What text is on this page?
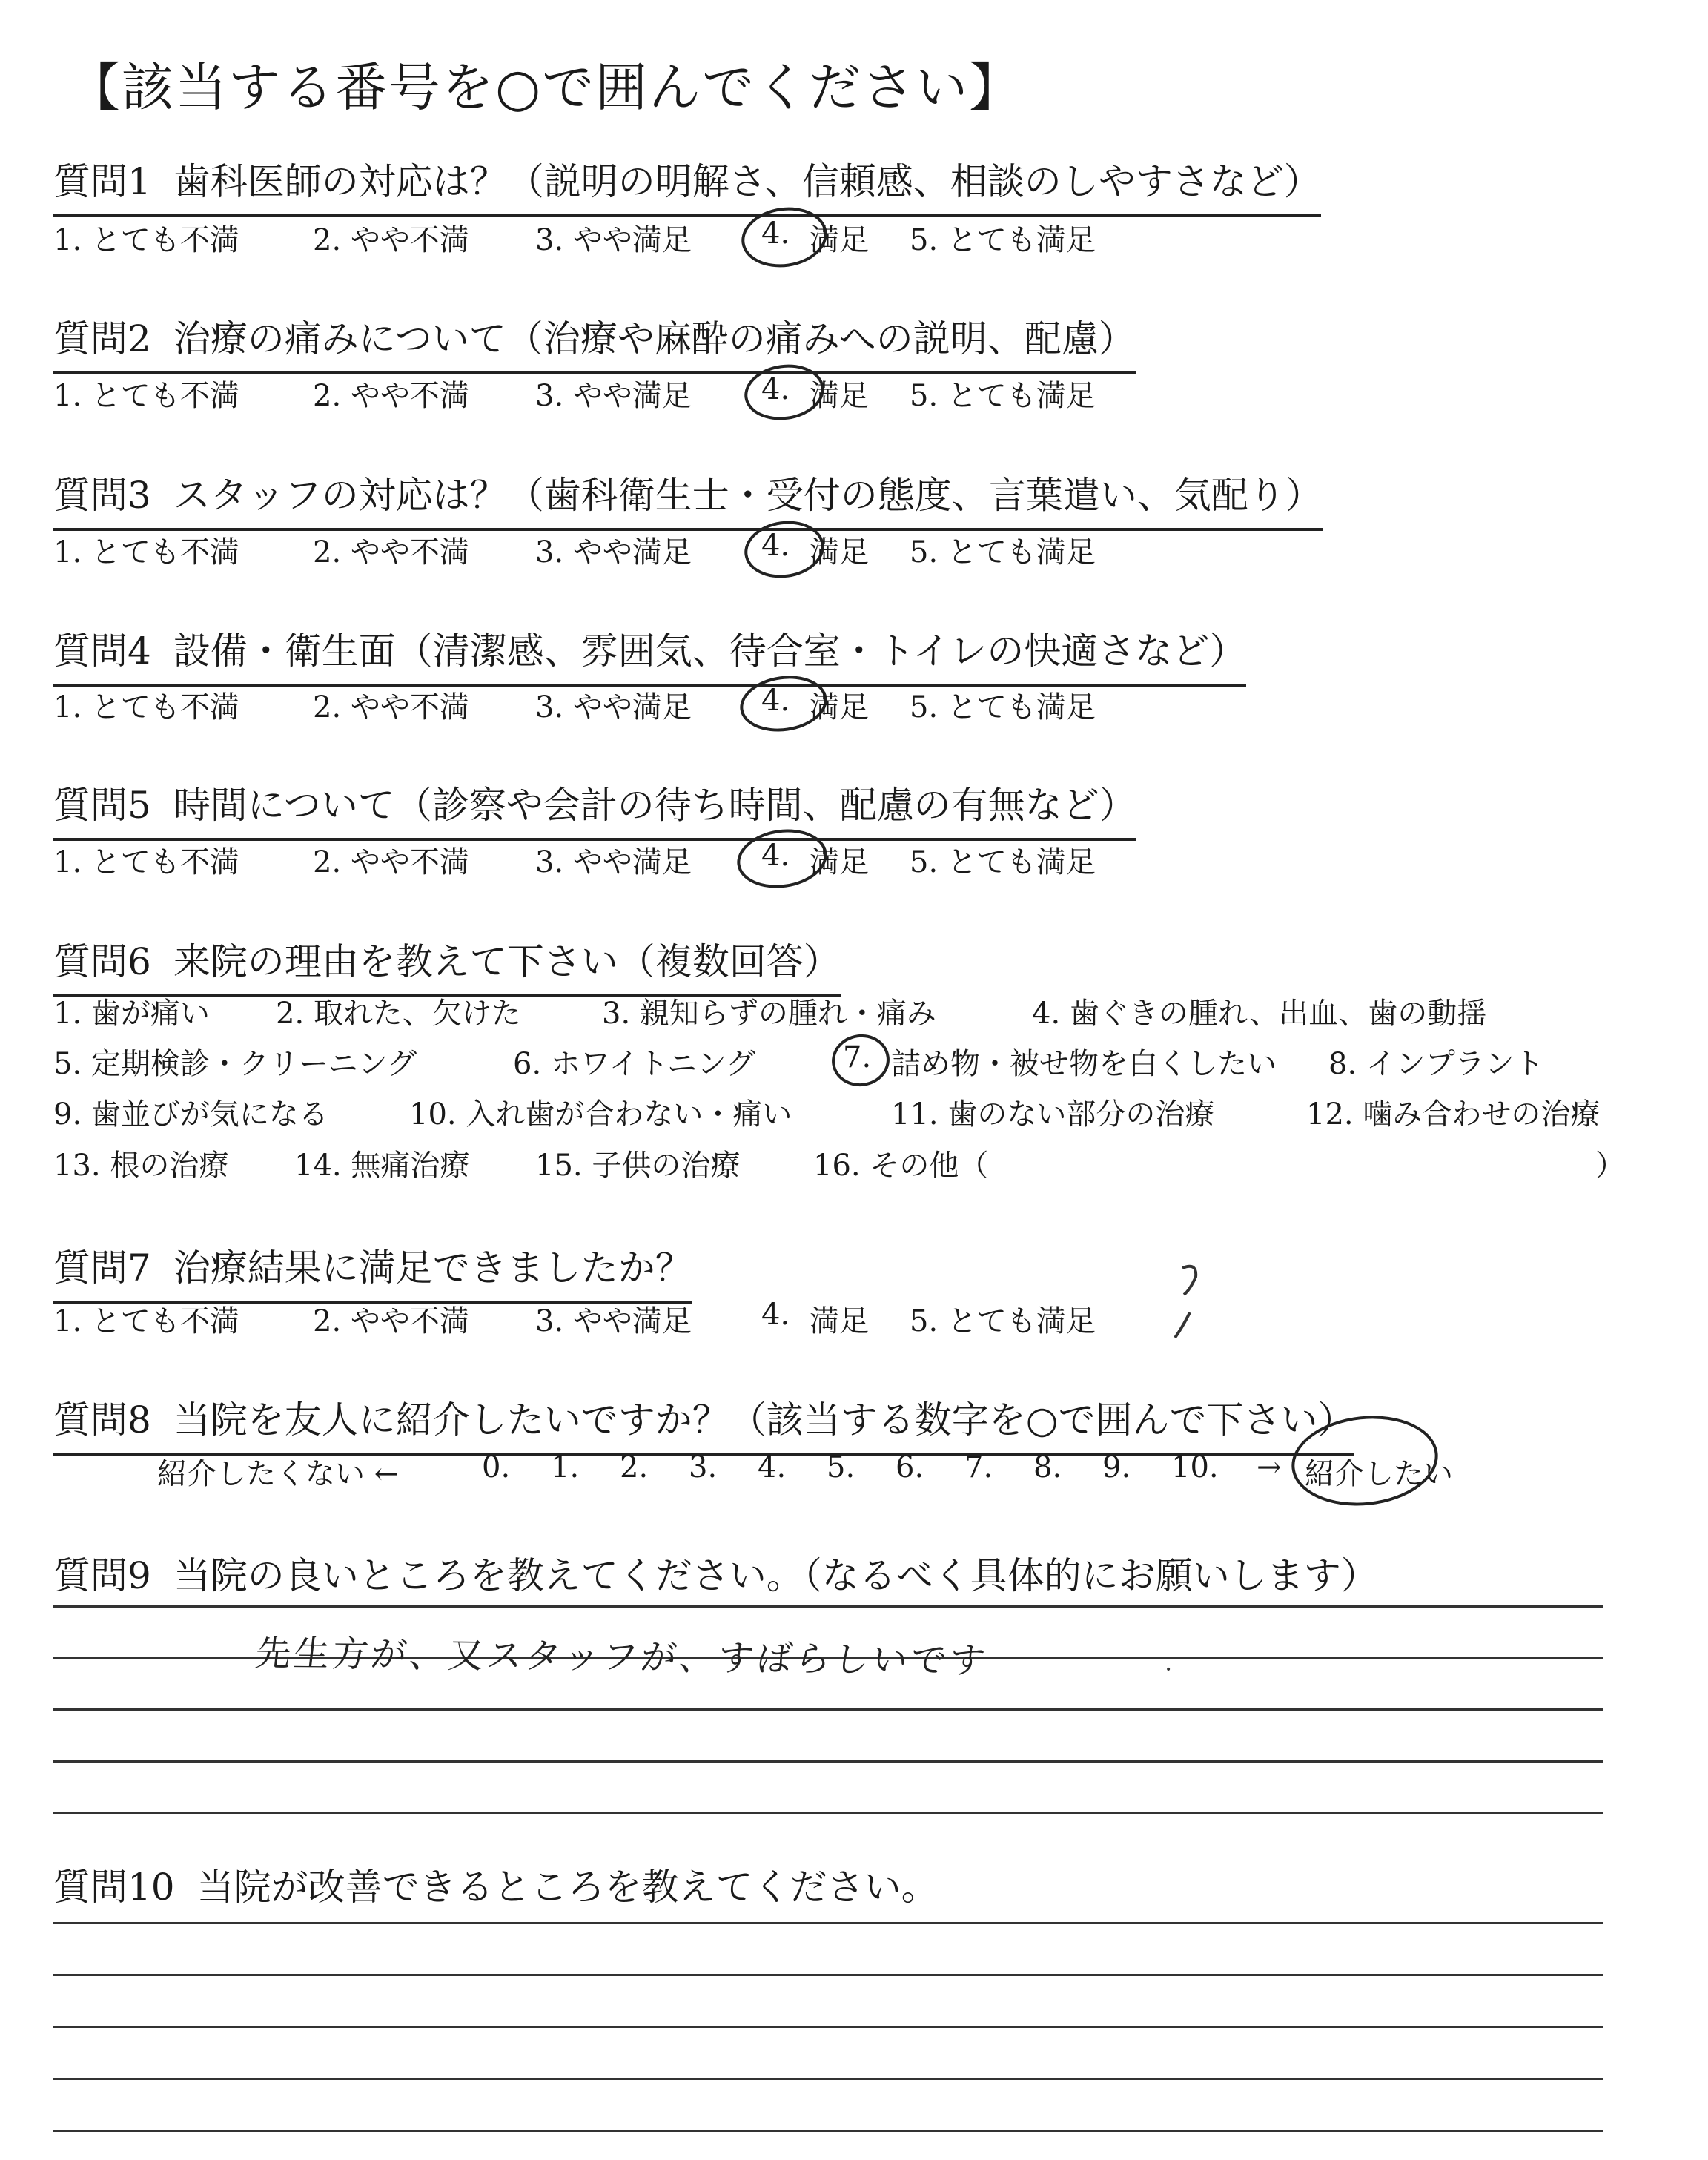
【該当する番号を○で囲んでください】
質問1 歯科医師の対応は？（説明の明解さ、信頼感、相談のしやすさなど）
1. とても不満 2. やや不満 3. やや満足 4. 満足 5. とても満足
質問2 治療の痛みについて（治療や麻酔の痛みへの説明、配慮）
1. とても不満 2. やや不満 3. やや満足 4. 満足 5. とても満足
質問3 スタッフの対応は？（歯科衛生士・受付の態度、言葉遣い、気配り）
1. とても不満 2. やや不満 3. やや満足 4. 満足 5. とても満足
質問4 設備・衛生面（清潔感、雰囲気、待合室・トイレの快適さなど）
1. とても不満 2. やや不満 3. やや満足 4. 満足 5. とても満足
質問5 時間について（診察や会計の待ち時間、配慮の有無など）
1. とても不満 2. やや不満 3. やや満足 4. 満足 5. とても満足
質問6 来院の理由を教えて下さい（複数回答）
1. 歯が痛い 2. 取れた、欠けた	3. 親知らずの腫れ・痛み	4. 歯ぐきの腫れ、出血、歯の動揺
5. 定期検診・クリーニング	6. ホワイトニング	7. 詰め物・被せ物を白くしたい 8. インプラント
9. 歯並びが気になる	10. 入れ歯が合わない・痛い	11. 歯のない部分の治療	12. 噛み合わせの治療
13. 根の治療 14. 無痛治療 15. 子供の治療 16. その他（	）
質問7 治療結果に満足できましたか？
1. とても不満 2. やや不満 3. やや満足 4. 満足 5. とても満足
質問8 当院を友人に紹介したいですか？（該当する数字を○で囲んで下さい）
紹介したくない ←	0. 1. 2. 3. 4. 5. 6. 7. 8. 9. 10. → 紹介したい
質問9 当院の良いところを教えてください。（なるべく具体的にお願いします）
先生方が、又スタッフが、すばらしいです	•
質問10 当院が改善できるところを教えてください。
